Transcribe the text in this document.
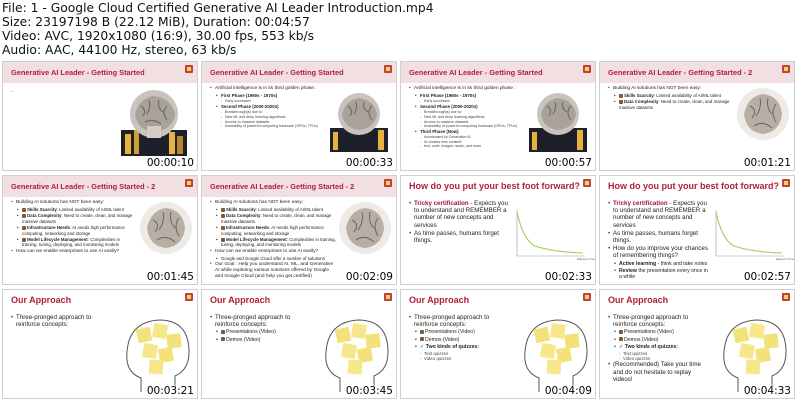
File: 1 - Google Cloud Certified Generative AI Leader Introduction.mp4
Size: 23197198 B (22.12 MiB), Duration: 00:04:57
Video: AVC, 1920x1080 (16:9), 30.00 fps, 553 kb/s
Audio: AAC, 44100 Hz, stereo, 63 kb/s
Generative AI Leader - Getting Started
.
00:00:10
Generative AI Leader - Getting Started
• Artificial intelligence is in its third golden phase :
• First Phase (1960s - 1970s)
- Early successes
• Second Phase (2000-2020s)
- Breakthrough(s) due to:
- New ML and deep learning algorithms
- Access to massive datasets
- Availability of powerful computing hardware (GPUs, TPUs)
00:00:33
Generative AI Leader - Getting Started
• Artificial intelligence is in its third golden phase :
• First Phase (1960s - 1970s)
- Early successes
• Second Phase (2000-2020s)
- Breakthrough(s) due to:
- New ML and deep learning algorithms
- Access to massive datasets
- Availability of powerful computing hardware (GPUs, TPUs)
• Third Phase (Now)
- Accelerated by Generative AI
- AI creates new content!
- text, code, images, audio, and more
00:00:57
Generative AI Leader - Getting Started - 2
• Building AI solutions has NOT been easy:
• Skills Scarcity: Limited availability of AI/ML talent
• Data Complexity: Need to create, clean, and manage massive datasets
00:01:21
Generative AI Leader - Getting Started - 2
• Building AI solutions has NOT been easy:
• Skills Scarcity: Limited availability of AI/ML talent
• Data Complexity: Need to create, clean, and manage massive datasets
• Infrastructure Needs: AI needs high performance computing, networking and storage
• Model Lifecycle Management: Complexities in training, tuning, deploying, and monitoring models
• How can we enable enterprises to use AI easily?
00:01:45
Generative AI Leader - Getting Started - 2
• Building AI solutions has NOT been easy:
• Skills Scarcity: Limited availability of AI/ML talent
• Data Complexity: Need to create, clean, and manage massive datasets
• Infrastructure Needs: AI needs high performance computing, networking and storage
• Model Lifecycle Management: Complexities in training, tuning, deploying, and monitoring models
• How can we enable enterprises to use AI easily?
• Google and Google Cloud offer a number of solutions
• Our Goal : Help you understand AI, ML, and Generative AI while exploring various solutions offered by Google and Google Cloud (and help you get certified)	00:02:09
How do you put your best foot forward?
• Tricky certification - Expects you to understand and REMEMBER a number of new concepts and services
• As time passes, humans forget things.
Elapsed Time
00:02:33
How do you put your best foot forward?
• Tricky certification - Expects you to understand and REMEMBER a number of new concepts and services
• As time passes, humans forget things.
• How do you improve your chances of remembering things?
• Active learning - think and take notes
• Review the presentation every once in a while
Elapsed Time
00:02:57
Our Approach
• Three-pronged approach to reinforce concepts:
00:03:21
Our Approach
• Three-pronged approach to reinforce concepts:
• Presentations (Video)
• Demos (Video)
00:03:45
Our Approach
• Three-pronged approach to reinforce concepts:
• Presentations (Video)
• Demos (Video)
• ✓ Two kinds of quizzes:
- Text quizzes
- Video quizzes
00:04:09
Our Approach
• Three-pronged approach to reinforce concepts:
• Presentations (Video)
• Demos (Video)
• ✓ Two kinds of quizzes:
- Text quizzes
- Video quizzes
• (Recommended) Take your time and do not hesitate to replay videos!
00:04:33
